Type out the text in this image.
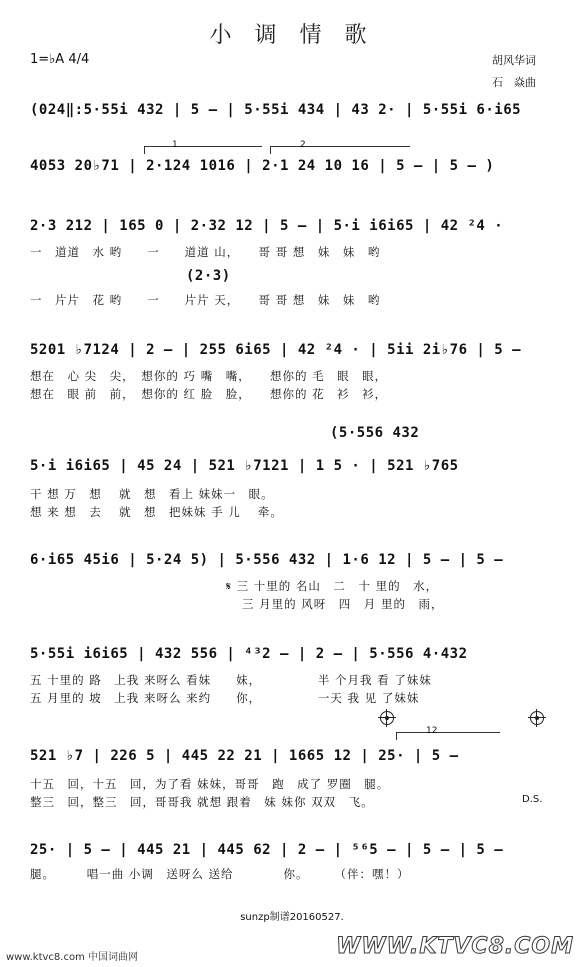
小 调 情 歌
1=♭A 4/4	胡风华词
石　焱曲
(024‖:5·55i 432 | 5 – | 5·55i 434 | 43 2· | 5·55i 6·i65
1	2
4053 20♭71 | 2·124 1016 | 2·1 24 10 16 | 5 – | 5 – )
2·3 212 | 165 0 | 2·32 12 | 5 – | 5·i i6i65 | 42 ²4 ·
一　道道　水 哟　　一　　道道 山，　　哥 哥 想　妹　妹　哟
(2·3)
一　片片　花 哟　　一　　片片 天，　　哥 哥 想　妹　妹　哟
5201 ♭7124 | 2 – | 255 6i65 | 42 ²4 · | 5ii 2i♭76 | 5 –
想在　心 尖　尖，　想你的 巧 嘴　嘴，　　想你的 毛　眼　眼，
想在　眼 前　前，　想你的 红 脸　脸，　　想你的 花　衫　衫，
(5·556 432
5·i i6i65 | 45 24 | 521 ♭7121 | 1 5 · | 521 ♭765
干 想 万　想　 就　想　看上 妹妹一　眼。
想 来 想　去　 就　想　把妹妹 手 儿　 牵。
6·i65 45i6 | 5·24 5) | 5·556 432 | 1·6 12 | 5 – | 5 –
𝄋 三 十里的 名山　二　十 里的　水，
三 月里的 风呀　四　月 里的　雨，
5·55i i6i65 | 432 556 | ⁴³2 – | 2 – | 5·556 4·432
五 十里的 路　上我 来呀么 看妹　　妹，　　　　　半 个月我 看 了妹妹
五 月里的 坡　上我 来呀么 来约　　你，　　　　　一天 我 见 了妹妹
12
521 ♭7 | 226 5 | 445 22 21 | 1665 12 | 25· | 5 –
十五　回，十五　回，为了看 妹妹，哥哥　跑　成了 罗圈　腿。
整三　回，整三　回，哥哥我 就想 跟着　妹 妹你 双双　飞。	D.S.
25· | 5 – | 445 21 | 445 62 | 2 – | ⁵⁶5 – | 5 – | 5 –
腿。　　　唱一曲 小调　送呀么 送给　　　　你。　　　（伴：嘿！）
sunzp制谱20160527.
www.ktvc8.com 中国词曲网	WWW.KTVC8.COM
